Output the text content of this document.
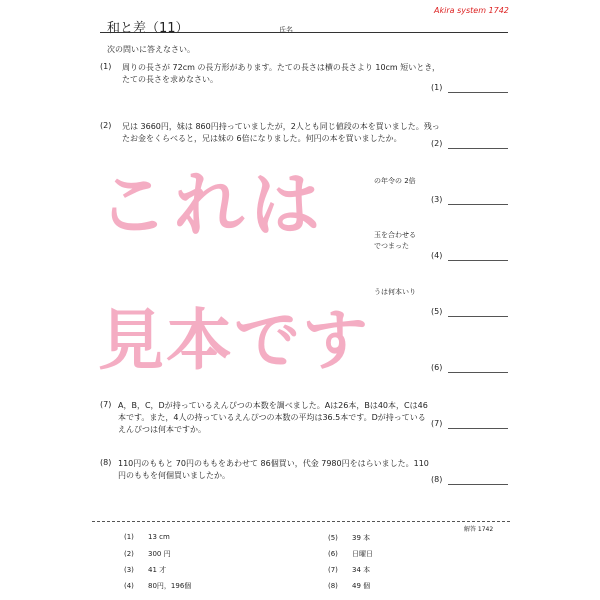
和と差（11）
Akira system 1742
氏名
次の問いに答えなさい。
(1) 周りの長さが 72cm の長方形があります。たての長さは横の長さより 10cm 短いとき，たての長さを求めなさい。
(1)
(2) 兄は 3660円，妹は 860円持っていましたが，2人とも同じ値段の本を買いました。残ったお金をくらべると，兄は妹の 6倍になりました。何円の本を買いましたか。
(2)
の年令の 2倍
(3)
玉を合わせる
でつまった
(4)
うは何本いり
(5)
(6)
これは
見本です
(7) A，B，C，Dが持っているえんぴつの本数を調べました。Aは26本，Bは40本，Cは46本です。また，4人の持っているえんぴつの本数の平均は36.5本です。Dが持っているえんぴつは何本ですか。
(7)
(8) 110円のももと 70円のももをあわせて 86個買い，代金 7980円をはらいました。110円のももを何個買いましたか。	(8)
解答 1742
(1) 13 cm
(2) 300 円
(3) 41 才
(4) 80円，196個
(5) 39 本
(6) 日曜日
(7) 34 本
(8) 49 個
